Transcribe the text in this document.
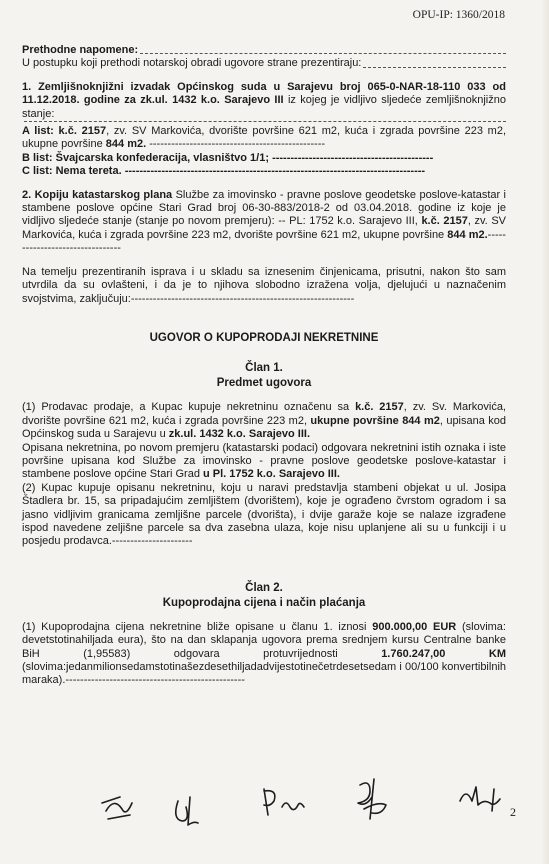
OPU-IP: 1360/2018

Prethodne napomene:

U postupku koji prethodi notarskoj obradi ugovore strane prezentiraju:

1. Zemljišnoknjižni izvadak Općinskog suda u Sarajevu broj 065-0-NAR-18-110 033 od 11.12.2018. godine za zk.ul. 1432 k.o. Sarajevo III iz kojeg je vidljivo sljedeće zemljišnoknjižno stanje:

A list: k.č. 2157, zv. SV Markovića, dvorište površine 621 m2, kuća i zgrada površine 223 m2, ukupne površine 844 m2. ------------------------------------------------

B list: Švajcarska konfederacija, vlasništvo 1/1; --------------------------------------------

C list: Nema tereta. ----------------------------------------------------------------------------------

2. Kopiju katastarskog plana Službe za imovinsko - pravne poslove geodetske poslove-katastar i stambene poslove općine Stari Grad broj 06-30-883/2018-2 od 03.04.2018. godine iz koje je vidljivo sljedeće stanje (stanje po novom premjeru): -- PL: 1752 k.o. Sarajevo III, k.č. 2157, zv. SV Markovića, kuća i zgrada površine 223 m2, dvorište površine 621 m2, ukupne površine 844 m2.--------------------------------

Na temelju prezentiranih isprava i u skladu sa iznesenim činjenicama, prisutni, nakon što sam utvrdila da su ovlašteni, i da je to njihova slobodno izražena volja, djelujući u naznačenim svojstvima, zaključuju:-------------------------------------------------------------

UGOVOR O KUPOPRODAJI NEKRETNINE

Član 1.

Predmet ugovora

(1) Prodavac prodaje, a Kupac kupuje nekretninu označenu sa k.č. 2157, zv. Sv. Markovića, dvorište površine 621 m2, kuća i zgrada površine 223 m2, ukupne površine 844 m2, upisana kod Općinskog suda u Sarajevu u zk.ul. 1432 k.o. Sarajevo III.

Opisana nekretnina, po novom premjeru (katastarski podaci) odgovara nekretnini istih oznaka i iste površine upisana kod Službe za imovinsko - pravne poslove geodetske poslove-katastar i stambene poslove općine Stari Grad u Pl. 1752 k.o. Sarajevo III.

(2) Kupac kupuje opisanu nekretninu, koju u naravi predstavlja stambeni objekat u ul. Josipa Štadlera br. 15, sa pripadajućim zemljištem (dvorištem), koje je ograđeno čvrstom ogradom i sa jasno vidljivim granicama zemljišne parcele (dvorišta), i dvije garaže koje se nalaze izgrađene ispod navedene zeljišne parcele sa dva zasebna ulaza, koje nisu uplanjene ali su u funkciji i u posjedu prodavca.----------------------

Član 2.

Kupoprodajna cijena i način plaćanja

(1) Kupoprodajna cijena nekretnine bliže opisane u članu 1. iznosi 900.000,00 EUR (slovima: devetstotinahiljada eura), što na dan sklapanja ugovora prema srednjem kursu Centralne banke BiH (1,95583) odgovara protuvrijednosti 1.760.247,00 KM (slovima:jedanmilionsedamstotinašezdesethiljadadvijestotinečetrdesetsedam i 00/100 konvertibilnih maraka).-------------------------------------------------

2
